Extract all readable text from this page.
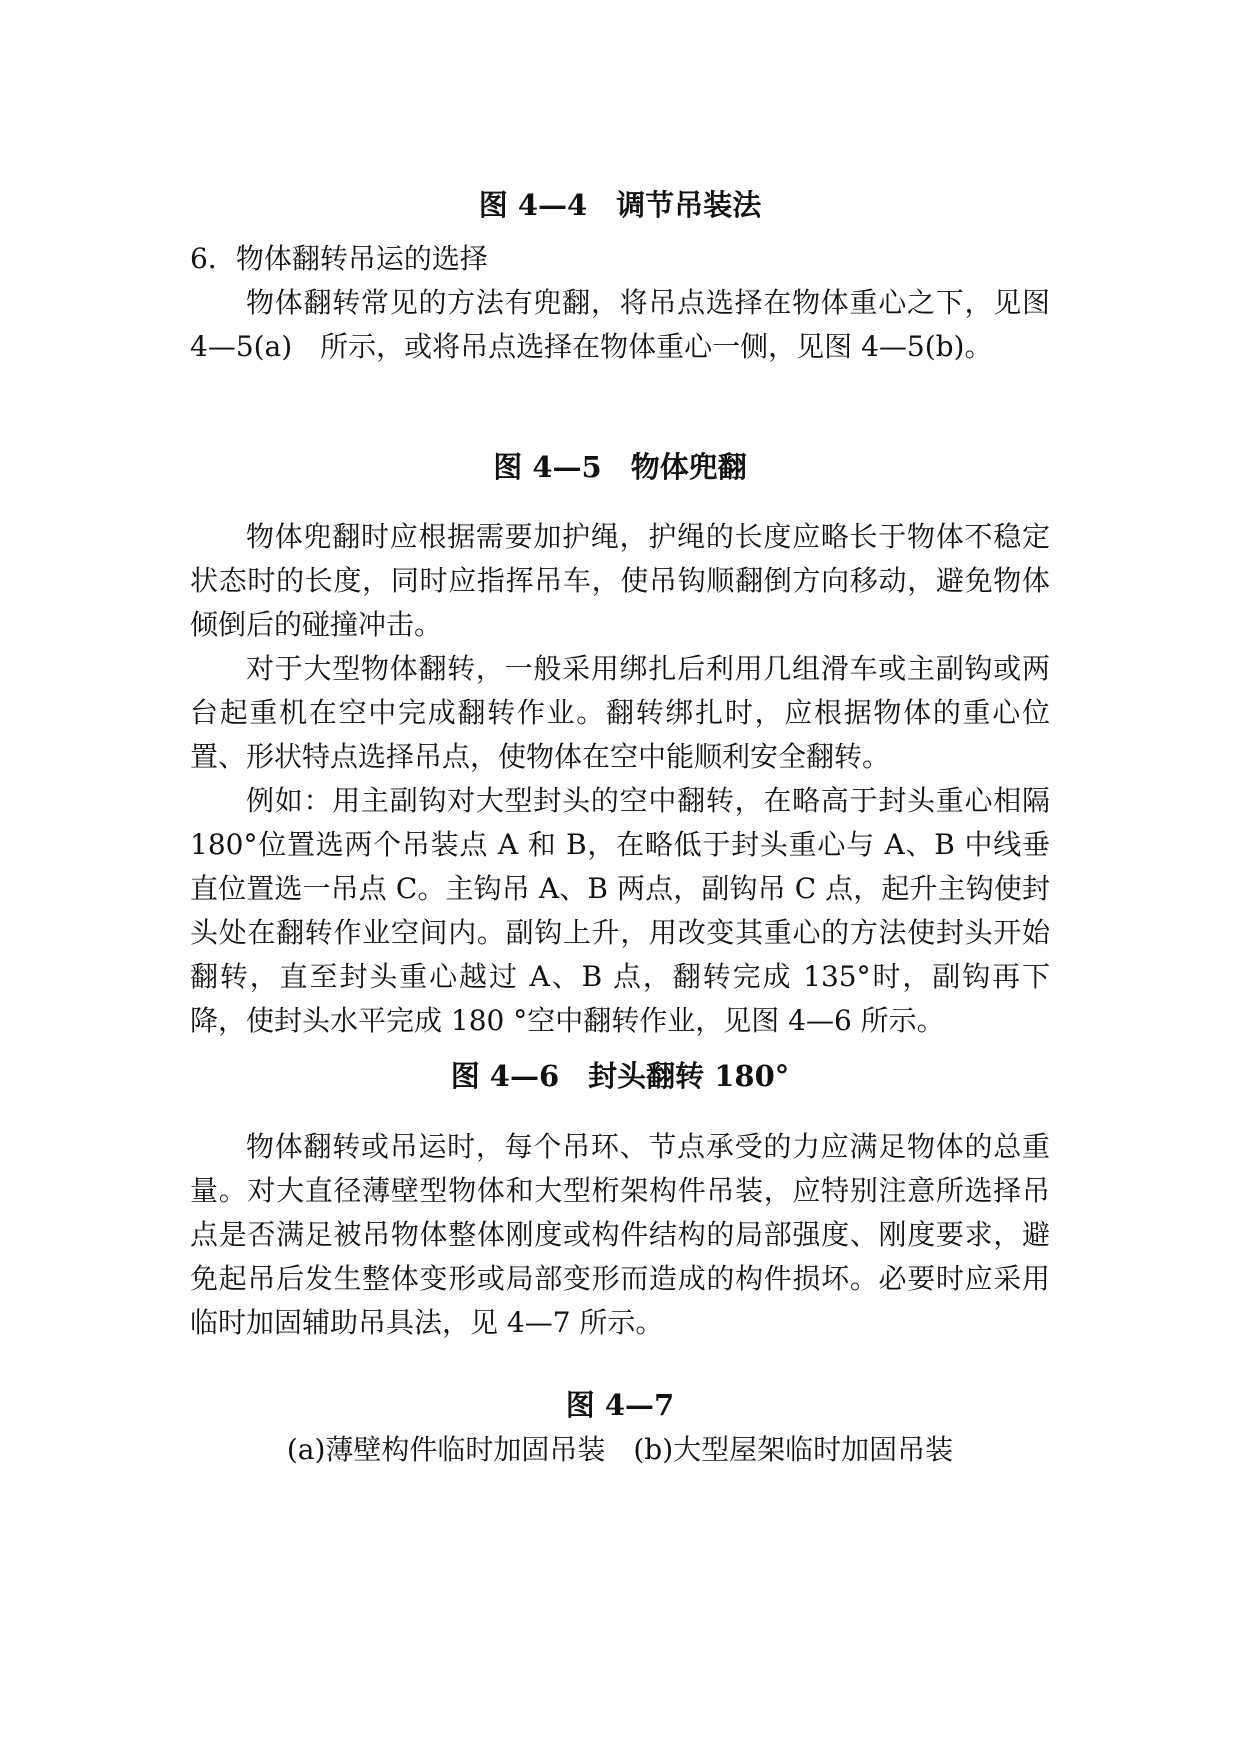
图 4—4　调节吊装法

6．物体翻转吊运的选择

物体翻转常见的方法有兜翻，将吊点选择在物体重心之下，见图 4—5(a)　所示，或将吊点选择在物体重心一侧，见图 4—5(b)。

图 4—5　物体兜翻

物体兜翻时应根据需要加护绳，护绳的长度应略长于物体不稳定状态时的长度，同时应指挥吊车，使吊钩顺翻倒方向移动，避免物体倾倒后的碰撞冲击。

对于大型物体翻转，一般采用绑扎后利用几组滑车或主副钩或两台起重机在空中完成翻转作业。翻转绑扎时，应根据物体的重心位置、形状特点选择吊点，使物体在空中能顺利安全翻转。

例如：用主副钩对大型封头的空中翻转，在略高于封头重心相隔 180°位置选两个吊装点 A 和 B，在略低于封头重心与 A、B 中线垂直位置选一吊点 C。主钩吊 A、B 两点，副钩吊 C 点，起升主钩使封头处在翻转作业空间内。副钩上升，用改变其重心的方法使封头开始翻转，直至封头重心越过 A、B 点，翻转完成 135°时，副钩再下降，使封头水平完成 180 °空中翻转作业，见图 4—6 所示。

图 4—6　封头翻转 180°

物体翻转或吊运时，每个吊环、节点承受的力应满足物体的总重量。对大直径薄壁型物体和大型桁架构件吊装，应特别注意所选择吊点是否满足被吊物体整体刚度或构件结构的局部强度、刚度要求，避免起吊后发生整体变形或局部变形而造成的构件损坏。必要时应采用临时加固辅助吊具法，见 4—7 所示。

图 4—7
(a)薄壁构件临时加固吊装　(b)大型屋架临时加固吊装
